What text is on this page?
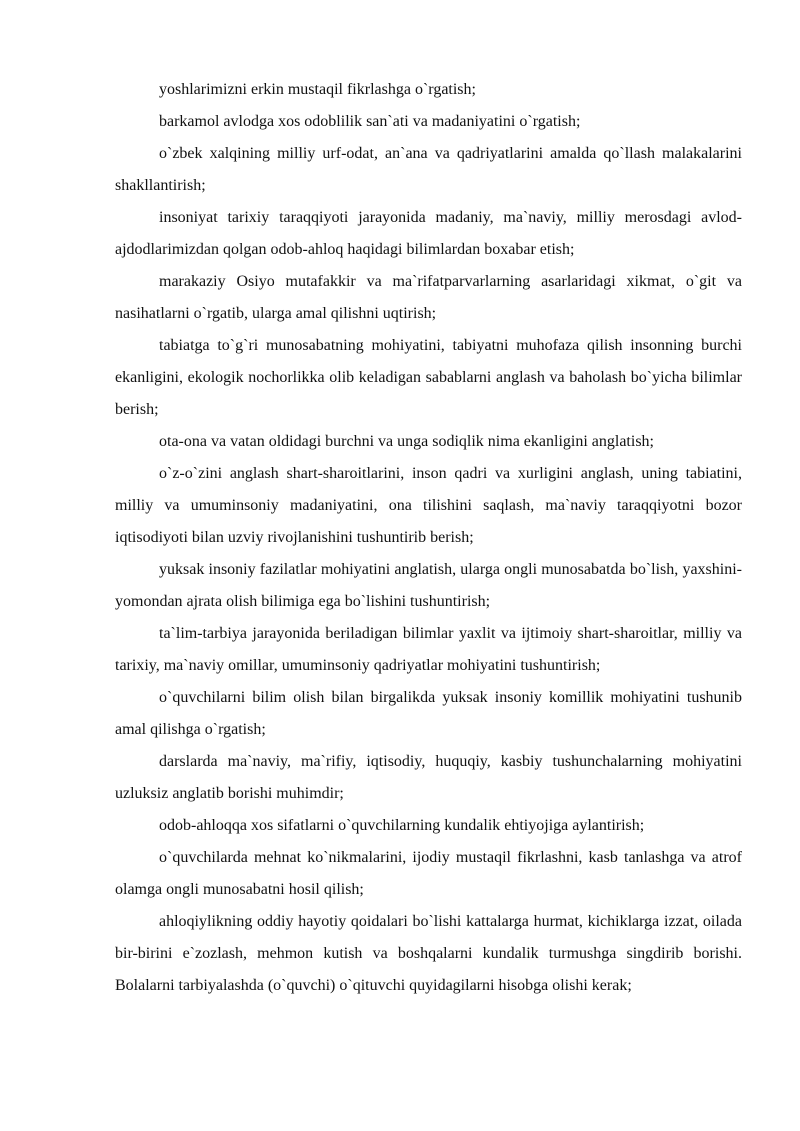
yoshlarimizni erkin mustaqil fikrlashga o`rgatish;

barkamol avlodga xos odoblilik san`ati va madaniyatini o`rgatish;

o`zbek xalqining milliy urf-odat, an`ana va qadriyatlarini amalda qo`llash malakalarini shakllantirish;

insoniyat tarixiy taraqqiyoti jarayonida madaniy, ma`naviy, milliy merosdagi avlod-ajdodlarimizdan qolgan odob-ahloq haqidagi bilimlardan boxabar etish;

marakaziy Osiyo mutafakkir va ma`rifatparvarlarning asarlaridagi xikmat, o`git va nasihatlarni o`rgatib, ularga amal qilishni uqtirish;

tabiatga to`g`ri munosabatning mohiyatini, tabiyatni muhofaza qilish insonning burchi ekanligini, ekologik nochorlikka olib keladigan sabablarni anglash va baholash bo`yicha bilimlar berish;

ota-ona va vatan oldidagi burchni va unga sodiqlik nima ekanligini anglatish;

o`z-o`zini anglash shart-sharoitlarini, inson qadri va xurligini anglash, uning tabiatini, milliy va umuminsoniy madaniyatini, ona tilishini saqlash, ma`naviy taraqqiyotni bozor iqtisodiyoti bilan uzviy rivojlanishini tushuntirib berish;

yuksak insoniy fazilatlar mohiyatini anglatish, ularga ongli munosabatda bo`lish, yaxshini-yomondan ajrata olish bilimiga ega bo`lishini tushuntirish;

ta`lim-tarbiya jarayonida beriladigan bilimlar yaxlit va ijtimoiy shart-sharoitlar, milliy va tarixiy, ma`naviy omillar, umuminsoniy qadriyatlar mohiyatini tushuntirish;

o`quvchilarni bilim olish bilan birgalikda yuksak insoniy komillik mohiyatini tushunib amal qilishga o`rgatish;

darslarda ma`naviy, ma`rifiy, iqtisodiy, huquqiy, kasbiy tushunchalarning mohiyatini uzluksiz anglatib borishi muhimdir;

odob-ahloqqa xos sifatlarni o`quvchilarning kundalik ehtiyojiga aylantirish;

o`quvchilarda mehnat ko`nikmalarini, ijodiy mustaqil fikrlashni, kasb tanlashga va atrof olamga ongli munosabatni hosil qilish;

ahloqiylikning oddiy hayotiy qoidalari bo`lishi kattalarga hurmat, kichiklarga izzat, oilada bir-birini e`zozlash, mehmon kutish va boshqalarni kundalik turmushga singdirib borishi. Bolalarni tarbiyalashda (o`quvchi) o`qituvchi quyidagilarni hisobga olishi kerak;
